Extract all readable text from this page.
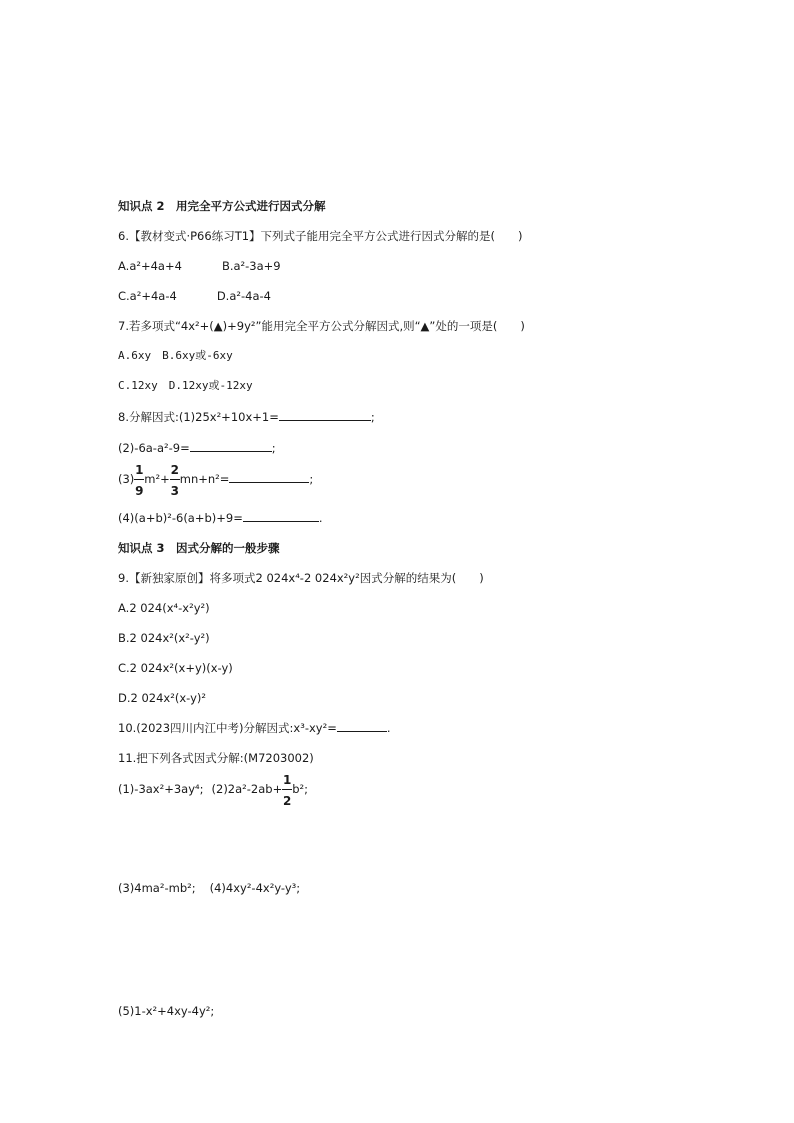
知识点 2　用完全平方公式进行因式分解
6.【教材变式·P66练习T1】下列式子能用完全平方公式进行因式分解的是(　　)
A.a²+4a+4	B.a²-3a+9
C.a²+4a-4	D.a²-4a-4
7.若多项式“4x²+(▲)+9y²”能用完全平方公式分解因式,则“▲”处的一项是(　　)
A.6xy　B.6xy或-6xy
C.12xy　D.12xy或-12xy
8.分解因式:(1)25x²+10x+1=	;
(2)-6a-a²-9=	;
$(3) \frac{1}{9} m^2+ \frac{2}{3} mn+n^2=$	;
(4)(a+b)²-6(a+b)+9=	.
知识点 3　因式分解的一般步骤
9.【新独家原创】将多项式2 024x⁴-2 024x²y²因式分解的结果为(　　)
A.2 024(x⁴-x²y²)
B.2 024x²(x²-y²)
C.2 024x²(x+y)(x-y)
D.2 024x²(x-y)²
10.(2023四川内江中考)分解因式:x³-xy²=	.
11.把下列各式因式分解:(M7203002)
(1)-3ax²+3ay⁴; $(2)2a^2-2ab+ \frac{1}{2} b^2$;
(3)4ma²-mb²; (4)4xy²-4x²y-y³;
(5)1-x²+4xy-4y²;
